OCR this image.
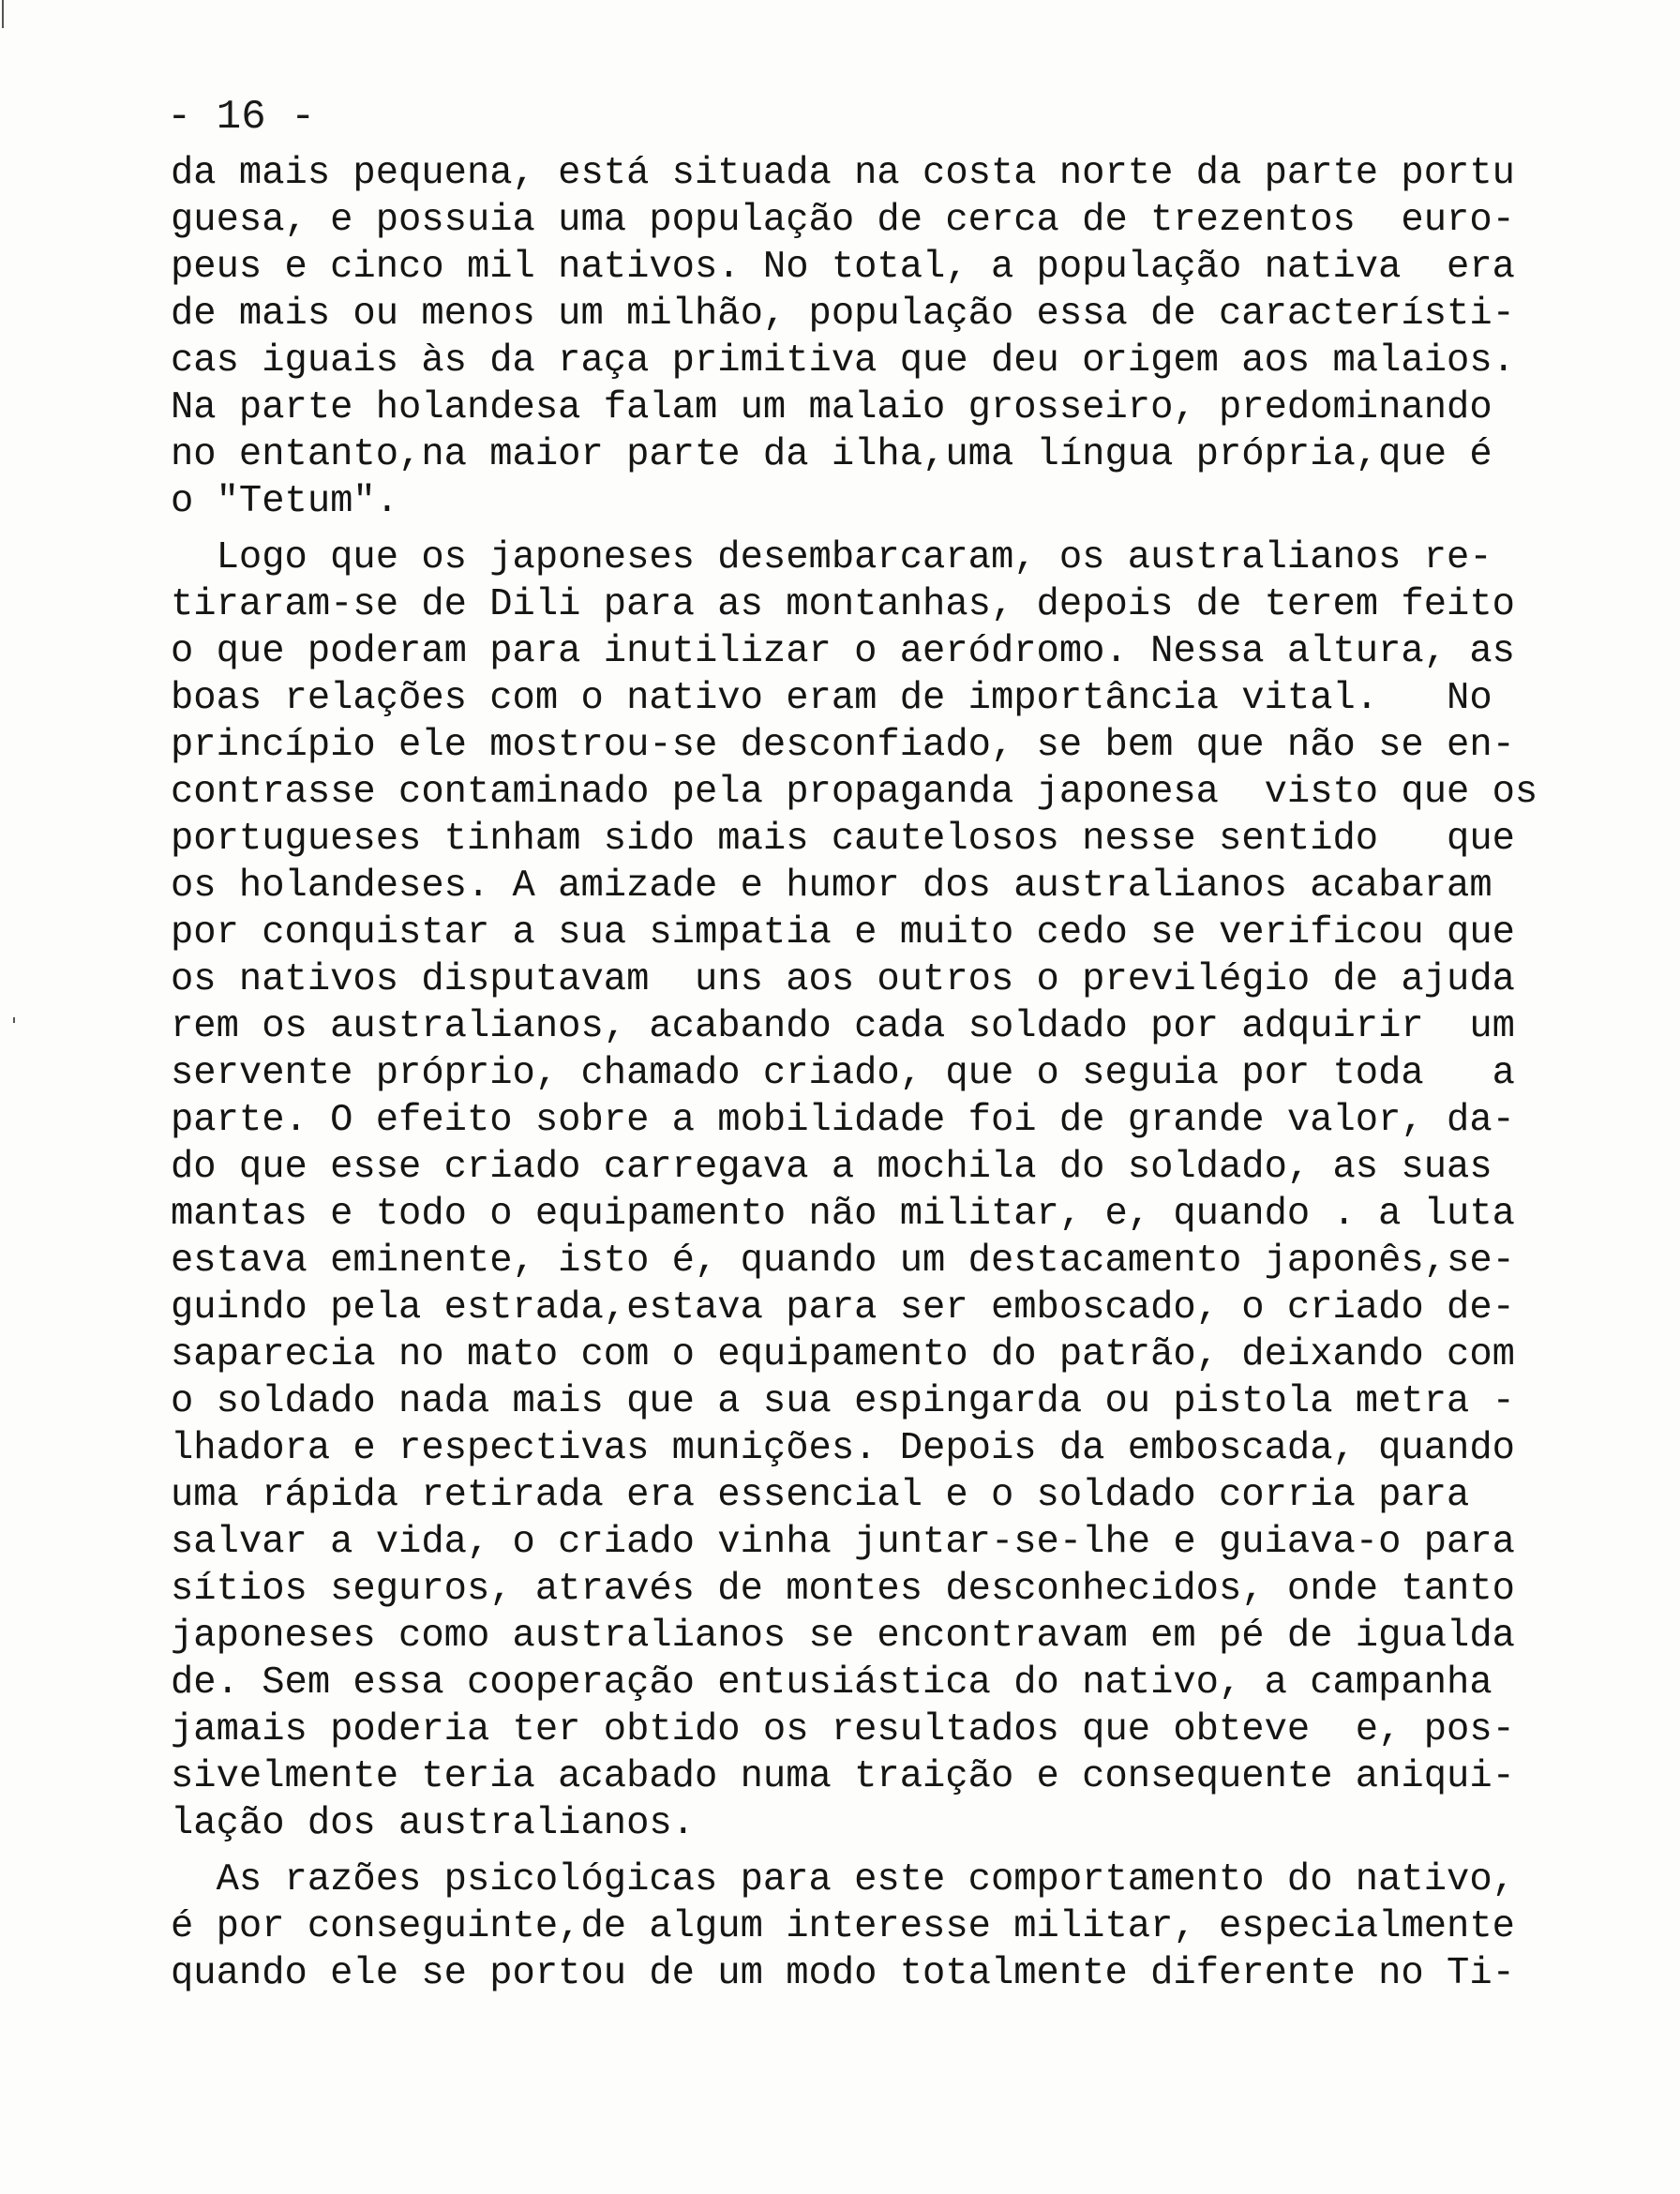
- 16 -
da mais pequena, está situada na costa norte da parte portu
guesa, e possuia uma população de cerca de trezentos  euro-
peus e cinco mil nativos. No total, a população nativa  era
de mais ou menos um milhão, população essa de característi-
cas iguais às da raça primitiva que deu origem aos malaios.
Na parte holandesa falam um malaio grosseiro, predominando
no entanto,na maior parte da ilha,uma língua própria,que é
o "Tetum".
Logo que os japoneses desembarcaram, os australianos re-
tiraram-se de Dili para as montanhas, depois de terem feito
o que poderam para inutilizar o aeródromo. Nessa altura, as
boas relações com o nativo eram de importância vital.   No
princípio ele mostrou-se desconfiado, se bem que não se en-
contrasse contaminado pela propaganda japonesa  visto que os
portugueses tinham sido mais cautelosos nesse sentido   que
os holandeses. A amizade e humor dos australianos acabaram
por conquistar a sua simpatia e muito cedo se verificou que
os nativos disputavam  uns aos outros o previlégio de ajuda
rem os australianos, acabando cada soldado por adquirir  um
servente próprio, chamado criado, que o seguia por toda   a
parte. O efeito sobre a mobilidade foi de grande valor, da-
do que esse criado carregava a mochila do soldado, as suas
mantas e todo o equipamento não militar, e, quando . a luta
estava eminente, isto é, quando um destacamento japonês,se-
guindo pela estrada,estava para ser emboscado, o criado de-
saparecia no mato com o equipamento do patrão, deixando com
o soldado nada mais que a sua espingarda ou pistola metra -
lhadora e respectivas munições. Depois da emboscada, quando
uma rápida retirada era essencial e o soldado corria para
salvar a vida, o criado vinha juntar-se-lhe e guiava-o para
sítios seguros, através de montes desconhecidos, onde tanto
japoneses como australianos se encontravam em pé de igualda
de. Sem essa cooperação entusiástica do nativo, a campanha
jamais poderia ter obtido os resultados que obteve  e, pos-
sivelmente teria acabado numa traição e consequente aniqui-
lação dos australianos.
As razões psicológicas para este comportamento do nativo,
é por conseguinte,de algum interesse militar, especialmente
quando ele se portou de um modo totalmente diferente no Ti-
